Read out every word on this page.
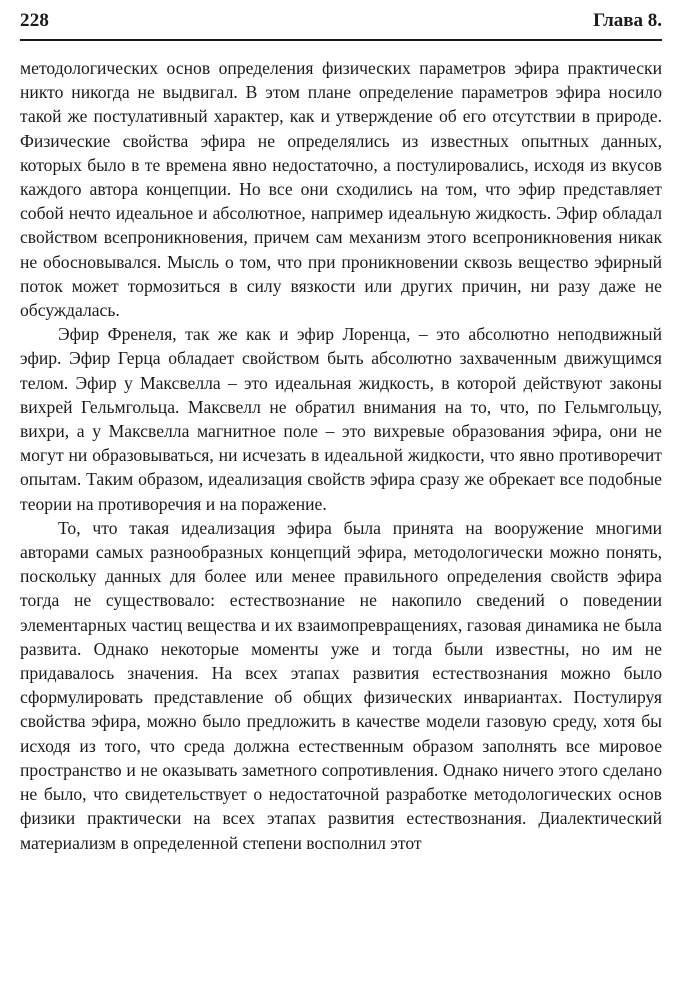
228	Глава 8.

методологических основ определения физических параметров эфира практически никто никогда не выдвигал. В этом плане определение параметров эфира носило такой же постулативный характер, как и утверждение об его отсутствии в природе. Физические свойства эфира не определялись из известных опытных данных, которых было в те времена явно недостаточно, а постулировались, исходя из вкусов каждого автора концепции. Но все они сходились на том, что эфир представляет собой нечто идеальное и абсолютное, например идеальную жидкость. Эфир обладал свойством всепроникновения, причем сам механизм этого всепроникновения никак не обосновывался. Мысль о том, что при проникновении сквозь вещество эфирный поток может тормозиться в силу вязкости или других причин, ни разу даже не обсуждалась.

Эфир Френеля, так же как и эфир Лоренца, – это абсолютно неподвижный эфир. Эфир Герца обладает свойством быть абсолютно захваченным движущимся телом. Эфир у Максвелла – это идеальная жидкость, в которой действуют законы вихрей Гельмгольца. Максвелл не обратил внимания на то, что, по Гельмгольцу, вихри, а у Максвелла магнитное поле – это вихревые образования эфира, они не могут ни образовываться, ни исчезать в идеальной жидкости, что явно противоречит опытам. Таким образом, идеализация свойств эфира сразу же обрекает все подобные теории на противоречия и на поражение.

То, что такая идеализация эфира была принята на вооружение многими авторами самых разнообразных концепций эфира, методологически можно понять, поскольку данных для более или менее правильного определения свойств эфира тогда не существовало: естествознание не накопило сведений о поведении элементарных частиц вещества и их взаимопревращениях, газовая динамика не была развита. Однако некоторые моменты уже и тогда были известны, но им не придавалось значения. На всех этапах развития естествознания можно было сформулировать представление об общих физических инвариантах. Постулируя свойства эфира, можно было предложить в качестве модели газовую среду, хотя бы исходя из того, что среда должна естественным образом заполнять все мировое пространство и не оказывать заметного сопротивления. Однако ничего этого сделано не было, что свидетельствует о недостаточной разработке методологических основ физики практически на всех этапах развития естествознания. Диалектический материализм в определенной степени восполнил этот
